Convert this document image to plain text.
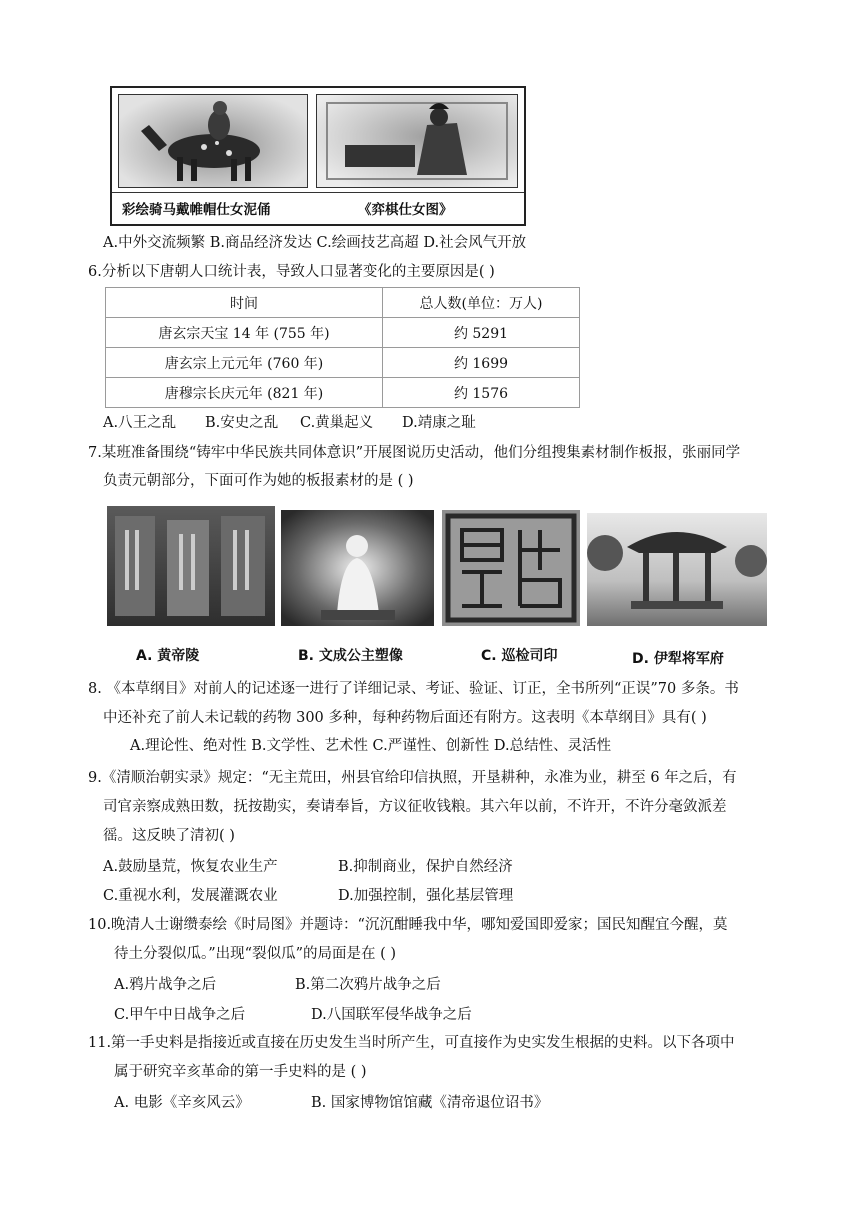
彩绘骑马戴帷帽仕女泥俑	《弈棋仕女图》
A.中外交流频繁 B.商品经济发达 C.绘画技艺高超 D.社会风气开放
6.分析以下唐朝人口统计表，导致人口显著变化的主要原因是( )
时间	总人数(单位：万人)
唐玄宗天宝 14 年 (755 年)	约 5291
唐玄宗上元元年 (760 年)	约 1699
唐穆宗长庆元年 (821 年)	约 1576
A.八王之乱 B.安史之乱 C.黄巢起义 D.靖康之耻
7.某班准备围绕“铸牢中华民族共同体意识”开展图说历史活动，他们分组搜集素材制作板报，张丽同学
负责元朝部分，下面可作为她的板报素材的是 ( )
A. 黄帝陵	B. 文成公主塑像	C. 巡检司印	D. 伊犁将军府
8. 《本草纲目》对前人的记述逐一进行了详细记录、考证、验证、订正，全书所列“正误”70 多条。书
中还补充了前人未记载的药物 300 多种，每种药物后面还有附方。这表明《本草纲目》具有( )
A.理论性、绝对性 B.文学性、艺术性 C.严谨性、创新性 D.总结性、灵活性
9.《清顺治朝实录》规定：“无主荒田，州县官给印信执照，开垦耕种，永准为业，耕至 6 年之后，有
司官亲察成熟田数，抚按勘实，奏请奉旨，方议征收钱粮。其六年以前，不许开，不许分毫敛派差
徭。这反映了清初( )
A.鼓励垦荒，恢复农业生产	B.抑制商业，保护自然经济
C.重视水利，发展灌溉农业	D.加强控制，强化基层管理
10.晚清人士谢缵泰绘《时局图》并题诗：“沉沉酣睡我中华，哪知爱国即爱家；国民知醒宜今醒，莫
待土分裂似瓜。”出现“裂似瓜”的局面是在 ( )
A.鸦片战争之后	B.第二次鸦片战争之后
C.甲午中日战争之后	D.八国联军侵华战争之后
11.第一手史料是指接近或直接在历史发生当时所产生，可直接作为史实发生根据的史料。以下各项中
属于研究辛亥革命的第一手史料的是 ( )
A. 电影《辛亥风云》	B. 国家博物馆馆藏《清帝退位诏书》
